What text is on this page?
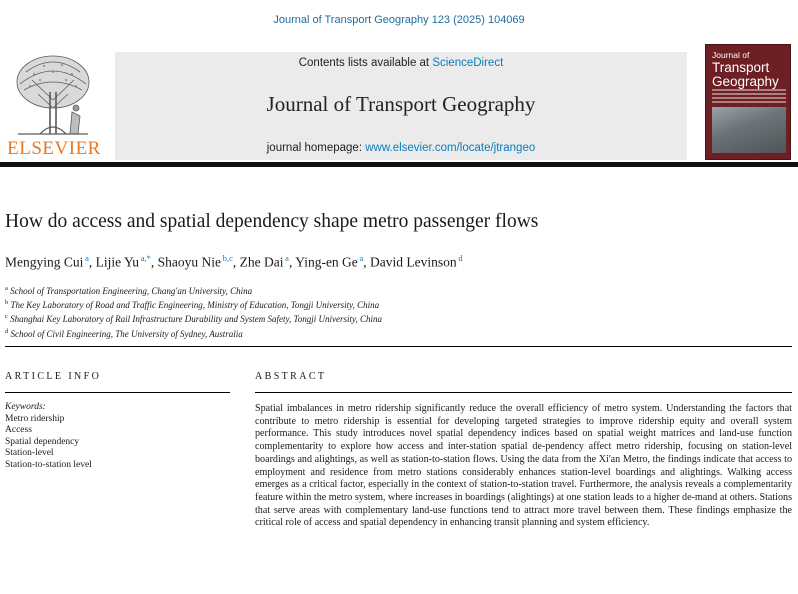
Journal of Transport Geography 123 (2025) 104069
ELSEVIER
Contents lists available at ScienceDirect
Journal of Transport Geography
journal homepage: www.elsevier.com/locate/jtrangeo
Journal of
Transport
Geography
How do access and spatial dependency shape metro passenger flows
Mengying Cui  $^a$, Lijie Yu  $^{a,*}$, Shaoyu Nie  $^{b,c}$, Zhe Dai  $^a$, Ying-en Ge  $^a$, David Levinson  $^d$
$^a$ School of Transportation Engineering, Chang'an University, China
$^b$ The Key Laboratory of Road and Traffic Engineering, Ministry of Education, Tongji University, China
$^c$ Shanghai Key Laboratory of Rail Infrastructure Durability and System Safety, Tongji University, China
$^d$ School of Civil Engineering, The University of Sydney, Australia
ARTICLE INFO	ABSTRACT
Keywords:
Metro ridership
Access
Spatial dependency
Station-level
Station-to-station level
Spatial imbalances in metro ridership significantly reduce the overall efficiency of metro system. Understanding the factors that contribute to metro ridership is essential for developing targeted strategies to improve ridership equity and overall system performance. This study introduces novel spatial dependency indices based on spatial weight matrices and land-use function complementarity to explore how access and inter-station spatial de-pendency affect metro ridership, focusing on station-level boardings and alightings, as well as station-to-station flows. Using the data from the Xi'an Metro, the findings indicate that access to employment and residence from metro stations considerably enhances station-level boardings and alightings. Walking access emerges as a critical factor, especially in the context of station-to-station travel. Furthermore, the analysis reveals a complementarity feature within the metro system, where increases in boardings (alightings) at one station leads to a higher de-mand at others. Stations that serve areas with complementary land-use functions tend to attract more travel between them. These findings emphasize the critical role of access and spatial dependency in enhancing transit planning and system efficiency.
